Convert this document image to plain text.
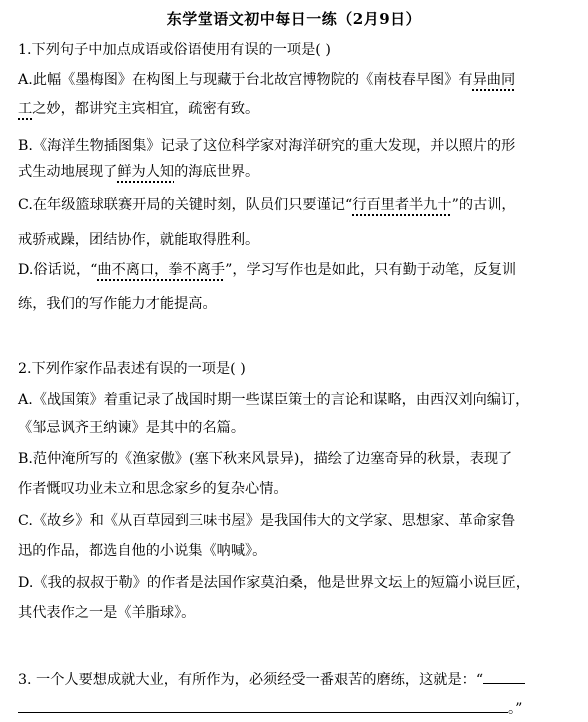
东学堂语文初中每日一练（2月9日）
1.下列句子中加点成语或俗语使用有误的一项是( )
A.此幅《墨梅图》在构图上与现藏于台北故宫博物院的《南枝春早图》有异曲同
工之妙，都讲究主宾相宜，疏密有致。
B.《海洋生物插图集》记录了这位科学家对海洋研究的重大发现，并以照片的形
式生动地展现了鲜为人知的海底世界。
C.在年级篮球联赛开局的关键时刻，队员们只要谨记“行百里者半九十”的古训，
戒骄戒躁，团结协作，就能取得胜利。
D.俗话说，“曲不离口，拳不离手”，学习写作也是如此，只有勤于动笔，反复训
练，我们的写作能力才能提高。
2.下列作家作品表述有误的一项是( )
A.《战国策》着重记录了战国时期一些谋臣策士的言论和谋略，由西汉刘向编订，
《邹忌讽齐王纳谏》是其中的名篇。
B.范仲淹所写的《渔家傲》(塞下秋来风景异)，描绘了边塞奇异的秋景，表现了
作者慨叹功业未立和思念家乡的复杂心情。
C.《故乡》和《从百草园到三味书屋》是我国伟大的文学家、思想家、革命家鲁
迅的作品，都选自他的小说集《呐喊》。
D.《我的叔叔于勒》的作者是法国作家莫泊桑，他是世界文坛上的短篇小说巨匠，
其代表作之一是《羊脂球》。
3. 一个人要想成就大业，有所作为，必须经受一番艰苦的磨练，这就是：“
。”
